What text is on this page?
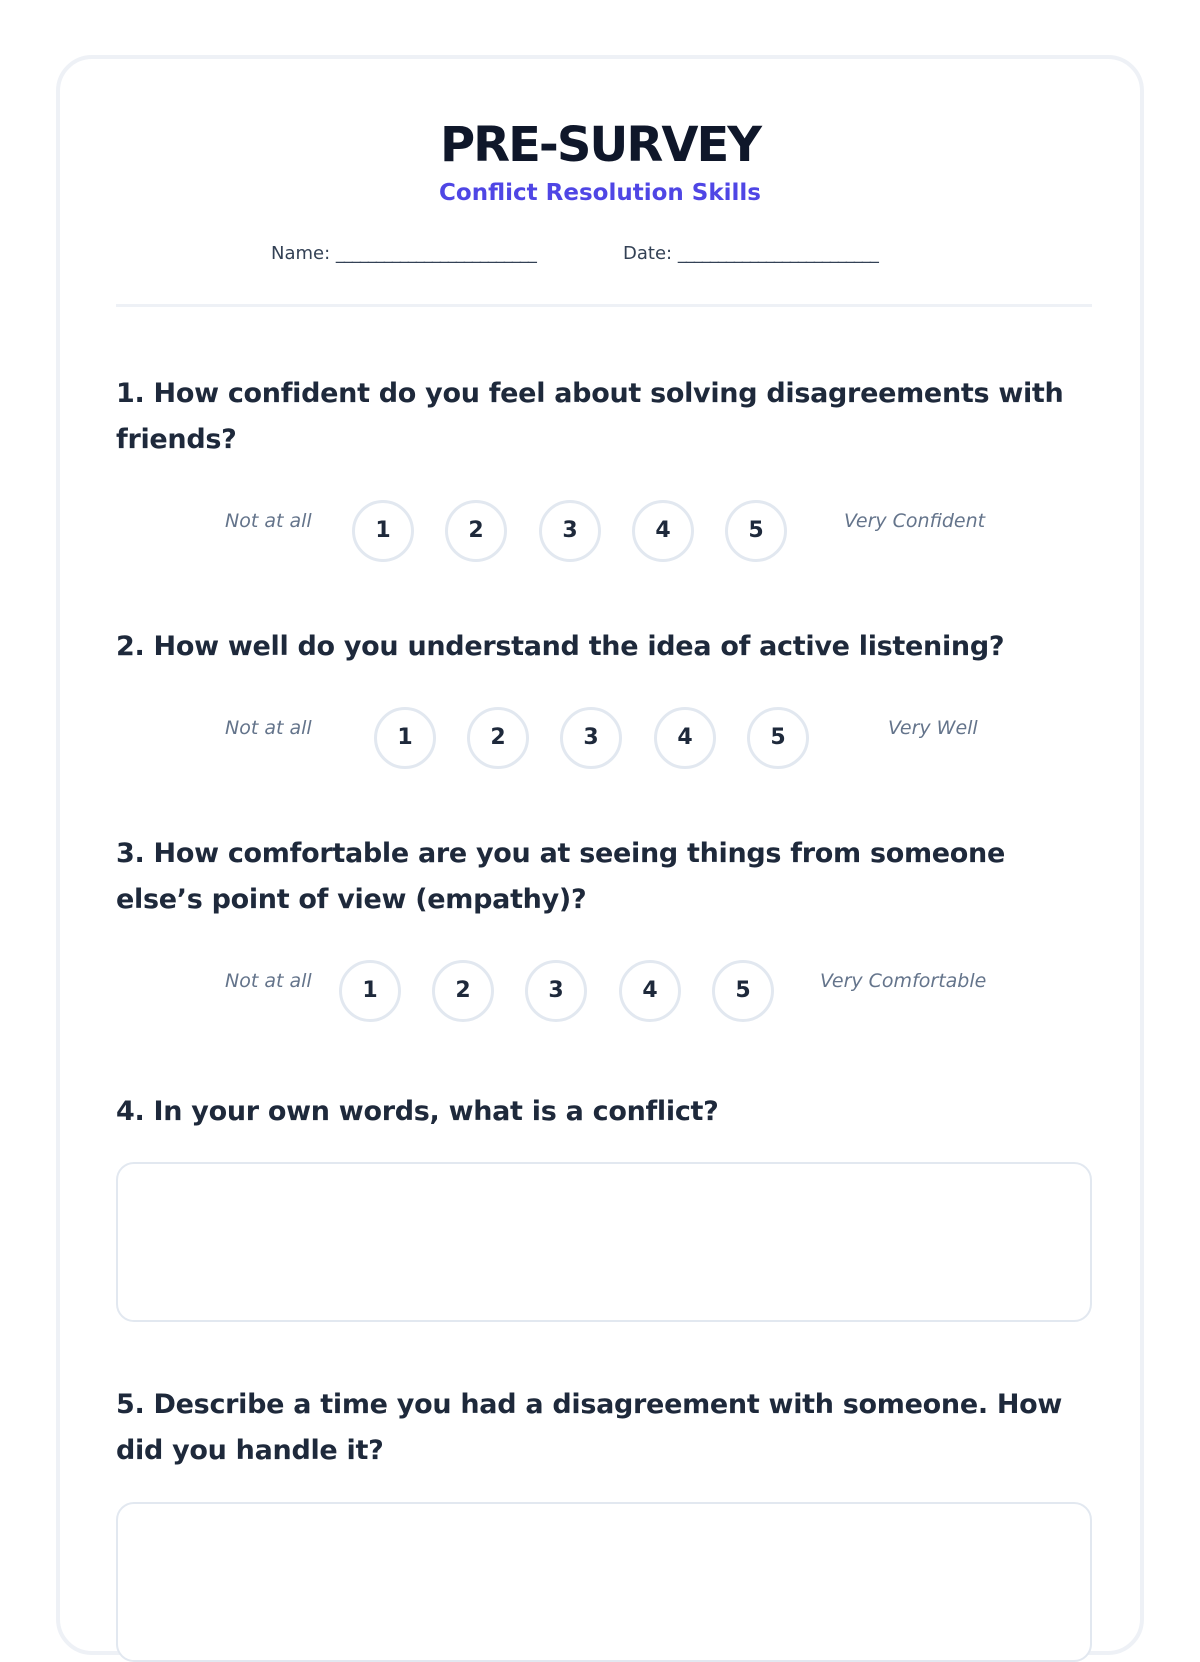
PRE-SURVEY
Conflict Resolution Skills
Name: _________________________	Date: _________________________
1. How confident do you feel about solving disagreements with friends?
Not at all	1	2	3	4	5	Very Confident
2. How well do you understand the idea of active listening?
Not at all	1	2	3	4	5	Very Well
3. How comfortable are you at seeing things from someone else’s point of view (empathy)?
Not at all	1	2	3	4	5	Very Comfortable
4. In your own words, what is a conflict?
5. Describe a time you had a disagreement with someone. How did you handle it?
